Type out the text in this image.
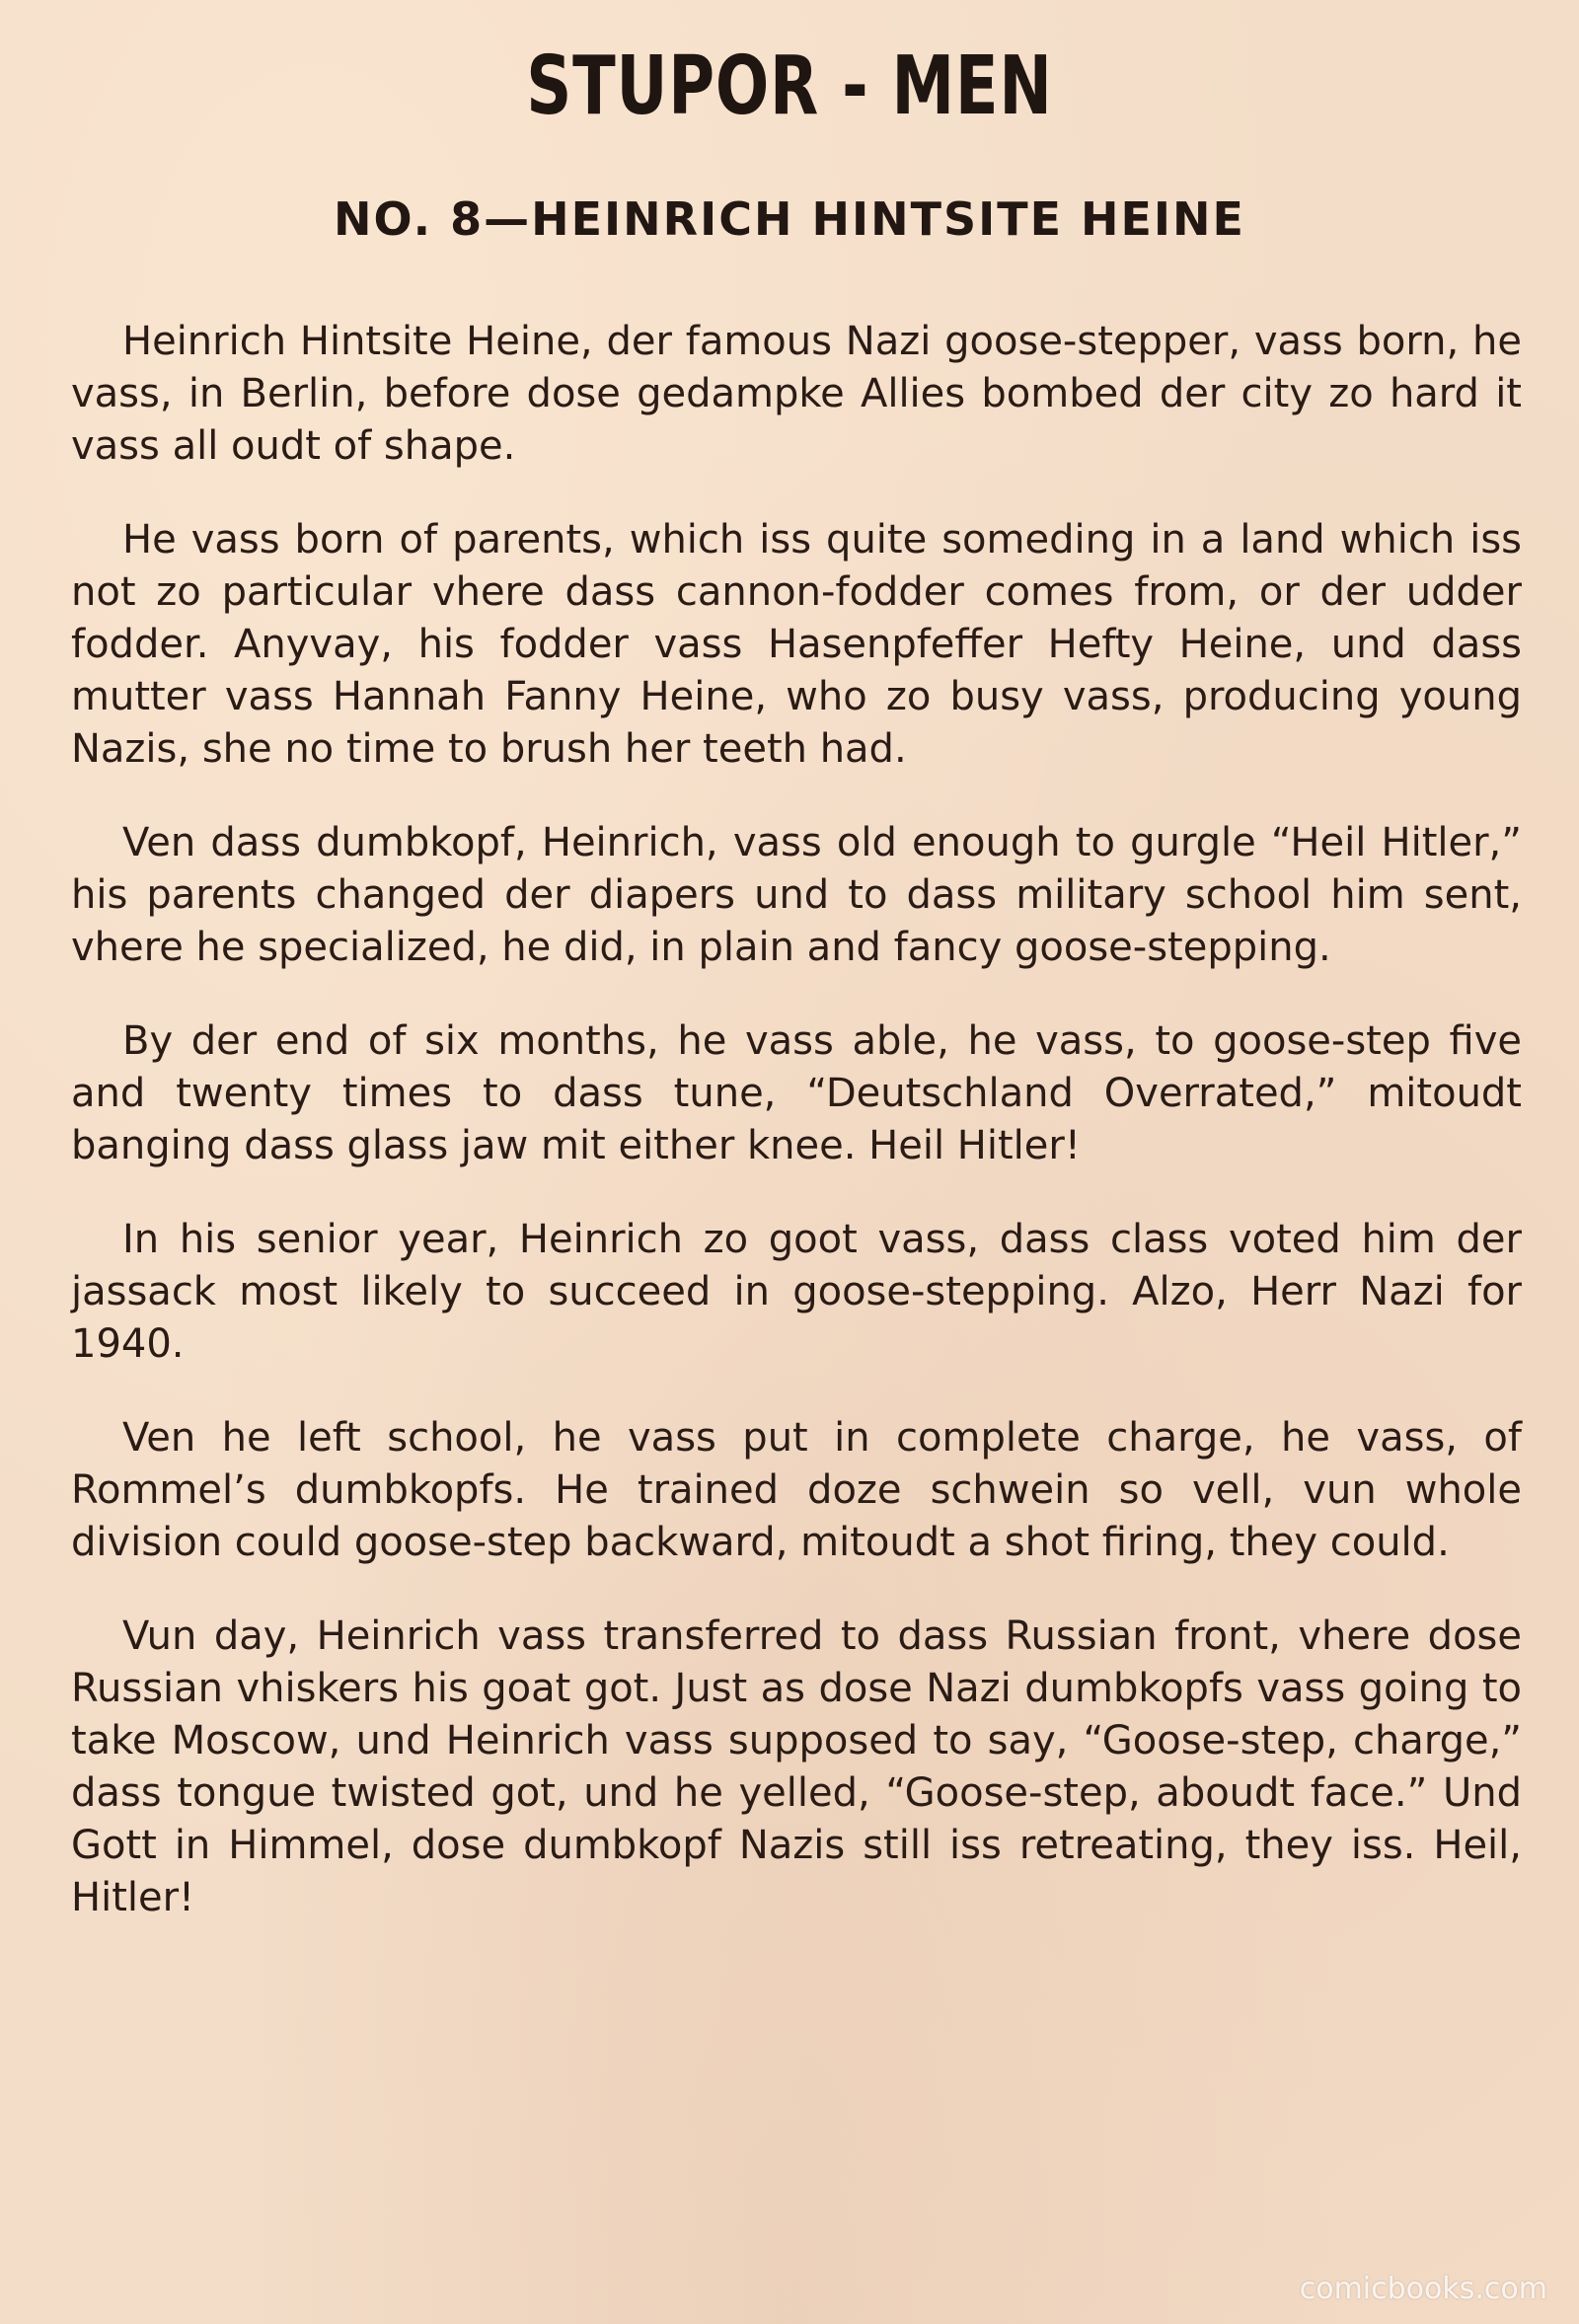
STUPOR - MEN
NO. 8—HEINRICH HINTSITE HEINE

Heinrich Hintsite Heine, der famous Nazi goose-stepper, vass born, he vass, in Berlin, before dose gedampke Allies bombed der city zo hard it vass all oudt of shape.

He vass born of parents, which iss quite someding in a land which iss not zo particular vhere dass cannon-fodder comes from, or der udder fodder. Anyvay, his fodder vass Hasenpfeffer Hefty Heine, und dass mutter vass Hannah Fanny Heine, who zo busy vass, producing young Nazis, she no time to brush her teeth had.

Ven dass dumbkopf, Heinrich, vass old enough to gurgle “Heil Hitler,” his parents changed der diapers und to dass military school him sent, vhere he specialized, he did, in plain and fancy goose-stepping.

By der end of six months, he vass able, he vass, to goose-step five and twenty times to dass tune, “Deutschland Overrated,” mitoudt banging dass glass jaw mit either knee. Heil Hitler!

In his senior year, Heinrich zo goot vass, dass class voted him der jassack most likely to succeed in goose-stepping. Alzo, Herr Nazi for 1940.

Ven he left school, he vass put in complete charge, he vass, of Rommel’s dumbkopfs. He trained doze schwein so vell, vun whole division could goose-step backward, mitoudt a shot firing, they could.

Vun day, Heinrich vass transferred to dass Russian front, vhere dose Russian vhiskers his goat got. Just as dose Nazi dumbkopfs vass going to take Moscow, und Heinrich vass supposed to say, “Goose-step, charge,” dass tongue twisted got, und he yelled, “Goose-step, aboudt face.” Und Gott in Himmel, dose dumbkopf Nazis still iss retreating, they iss. Heil, Hitler!

comicbooks.com
